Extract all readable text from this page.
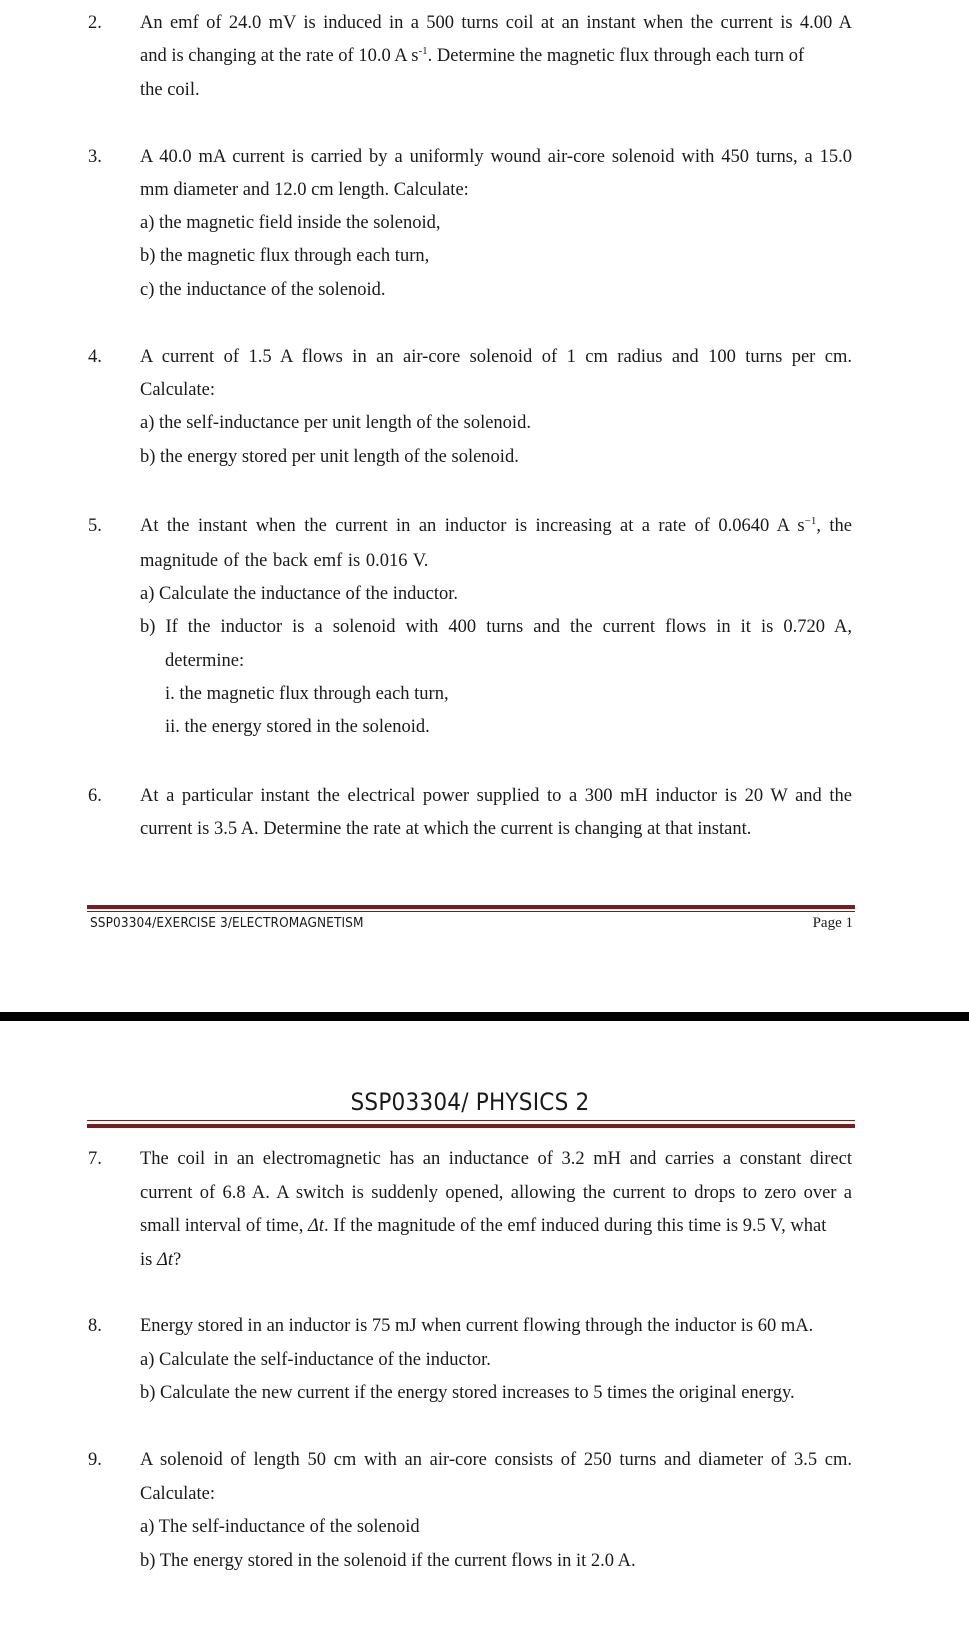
2. An emf of 24.0 mV is induced in a 500 turns coil at an instant when the current is 4.00 A
and is changing at the rate of 10.0 A $s^{-1}$. Determine the magnetic flux through each turn of
the coil.
3. A 40.0 mA current is carried by a uniformly wound air-core solenoid with 450 turns, a 15.0
mm diameter and 12.0 cm length. Calculate:
a) the magnetic field inside the solenoid,
b) the magnetic flux through each turn,
c) the inductance of the solenoid.
4. A current of 1.5 A flows in an air-core solenoid of 1 cm radius and 100 turns per cm.
Calculate:
a) the self-inductance per unit length of the solenoid.
b) the energy stored per unit length of the solenoid.
5. At the instant when the current in an inductor is increasing at a rate of 0.0640 A $s^{-1}$, the
magnitude of the back emf is 0.016 V.
a) Calculate the inductance of the inductor.
b) If the inductor is a solenoid with 400 turns and the current flows in it is 0.720 A,
determine:
i. the magnetic flux through each turn,
ii. the energy stored in the solenoid.
6. At a particular instant the electrical power supplied to a 300 mH inductor is 20 W and the
current is 3.5 A. Determine the rate at which the current is changing at that instant.
SSP03304/EXERCISE 3/ELECTROMAGNETISM	Page 1
SSP03304/ PHYSICS 2
7. The coil in an electromagnetic has an inductance of 3.2 mH and carries a constant direct
current of 6.8 A. A switch is suddenly opened, allowing the current to drops to zero over a
small interval of time, Δt. If the magnitude of the emf induced during this time is 9.5 V, what
is Δt?
8. Energy stored in an inductor is 75 mJ when current flowing through the inductor is 60 mA.
a) Calculate the self-inductance of the inductor.
b) Calculate the new current if the energy stored increases to 5 times the original energy.
9. A solenoid of length 50 cm with an air-core consists of 250 turns and diameter of 3.5 cm.
Calculate:
a) The self-inductance of the solenoid
b) The energy stored in the solenoid if the current flows in it 2.0 A.
